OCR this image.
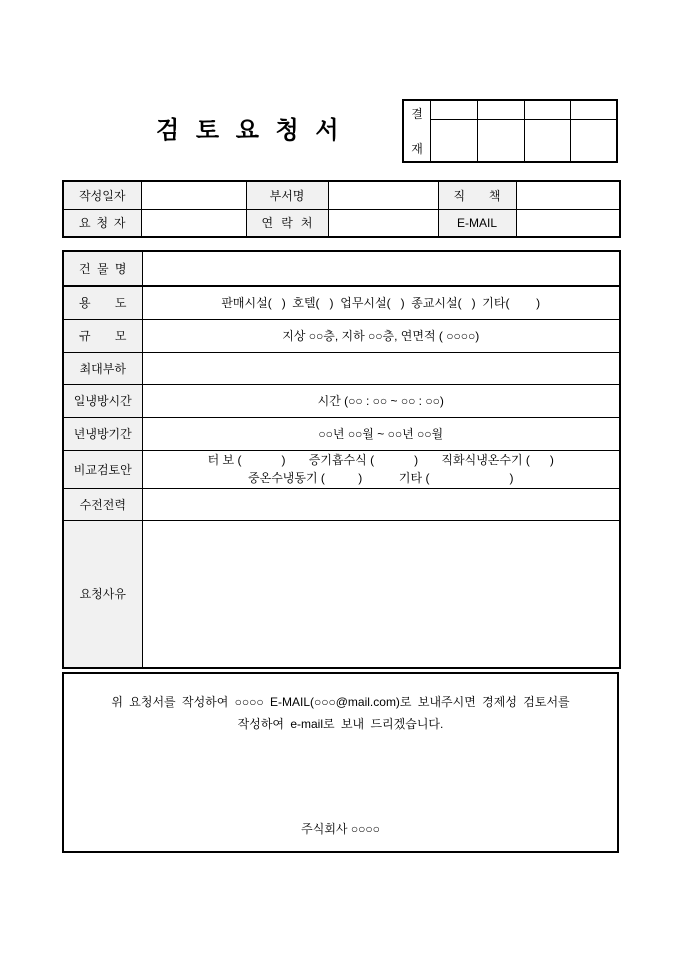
검 토 요 청 서
결
재
작성일자		부서명		직 책	
요 청 자		연 락 처		E-MAIL	
건 물 명	
용 도	판매시설(   )  호텔(   )  업무시설(   )  종교시설(   )  기타(        )
규 모	지상 ○○층, 지하 ○○층, 연면적 ( ○○○○)
최대부하	
일냉방시간	시간 (○○ : ○○ ~ ○○ : ○○)
년냉방기간	○○년 ○○월 ~ ○○년 ○○월
비교검토안	터 보 (            )       증기흡수식 (            )       직화식냉온수기 (      )
중온수냉동기 (          )           기타 (                        )

수전전력	
요청사유	

위 요청서를 작성하여 ○○○○ E-MAIL(○○○@mail.com)로 보내주시면 경제성 검토서를
작성하여 e-mail로 보내 드리겠습니다.

주식회사 ○○○○
